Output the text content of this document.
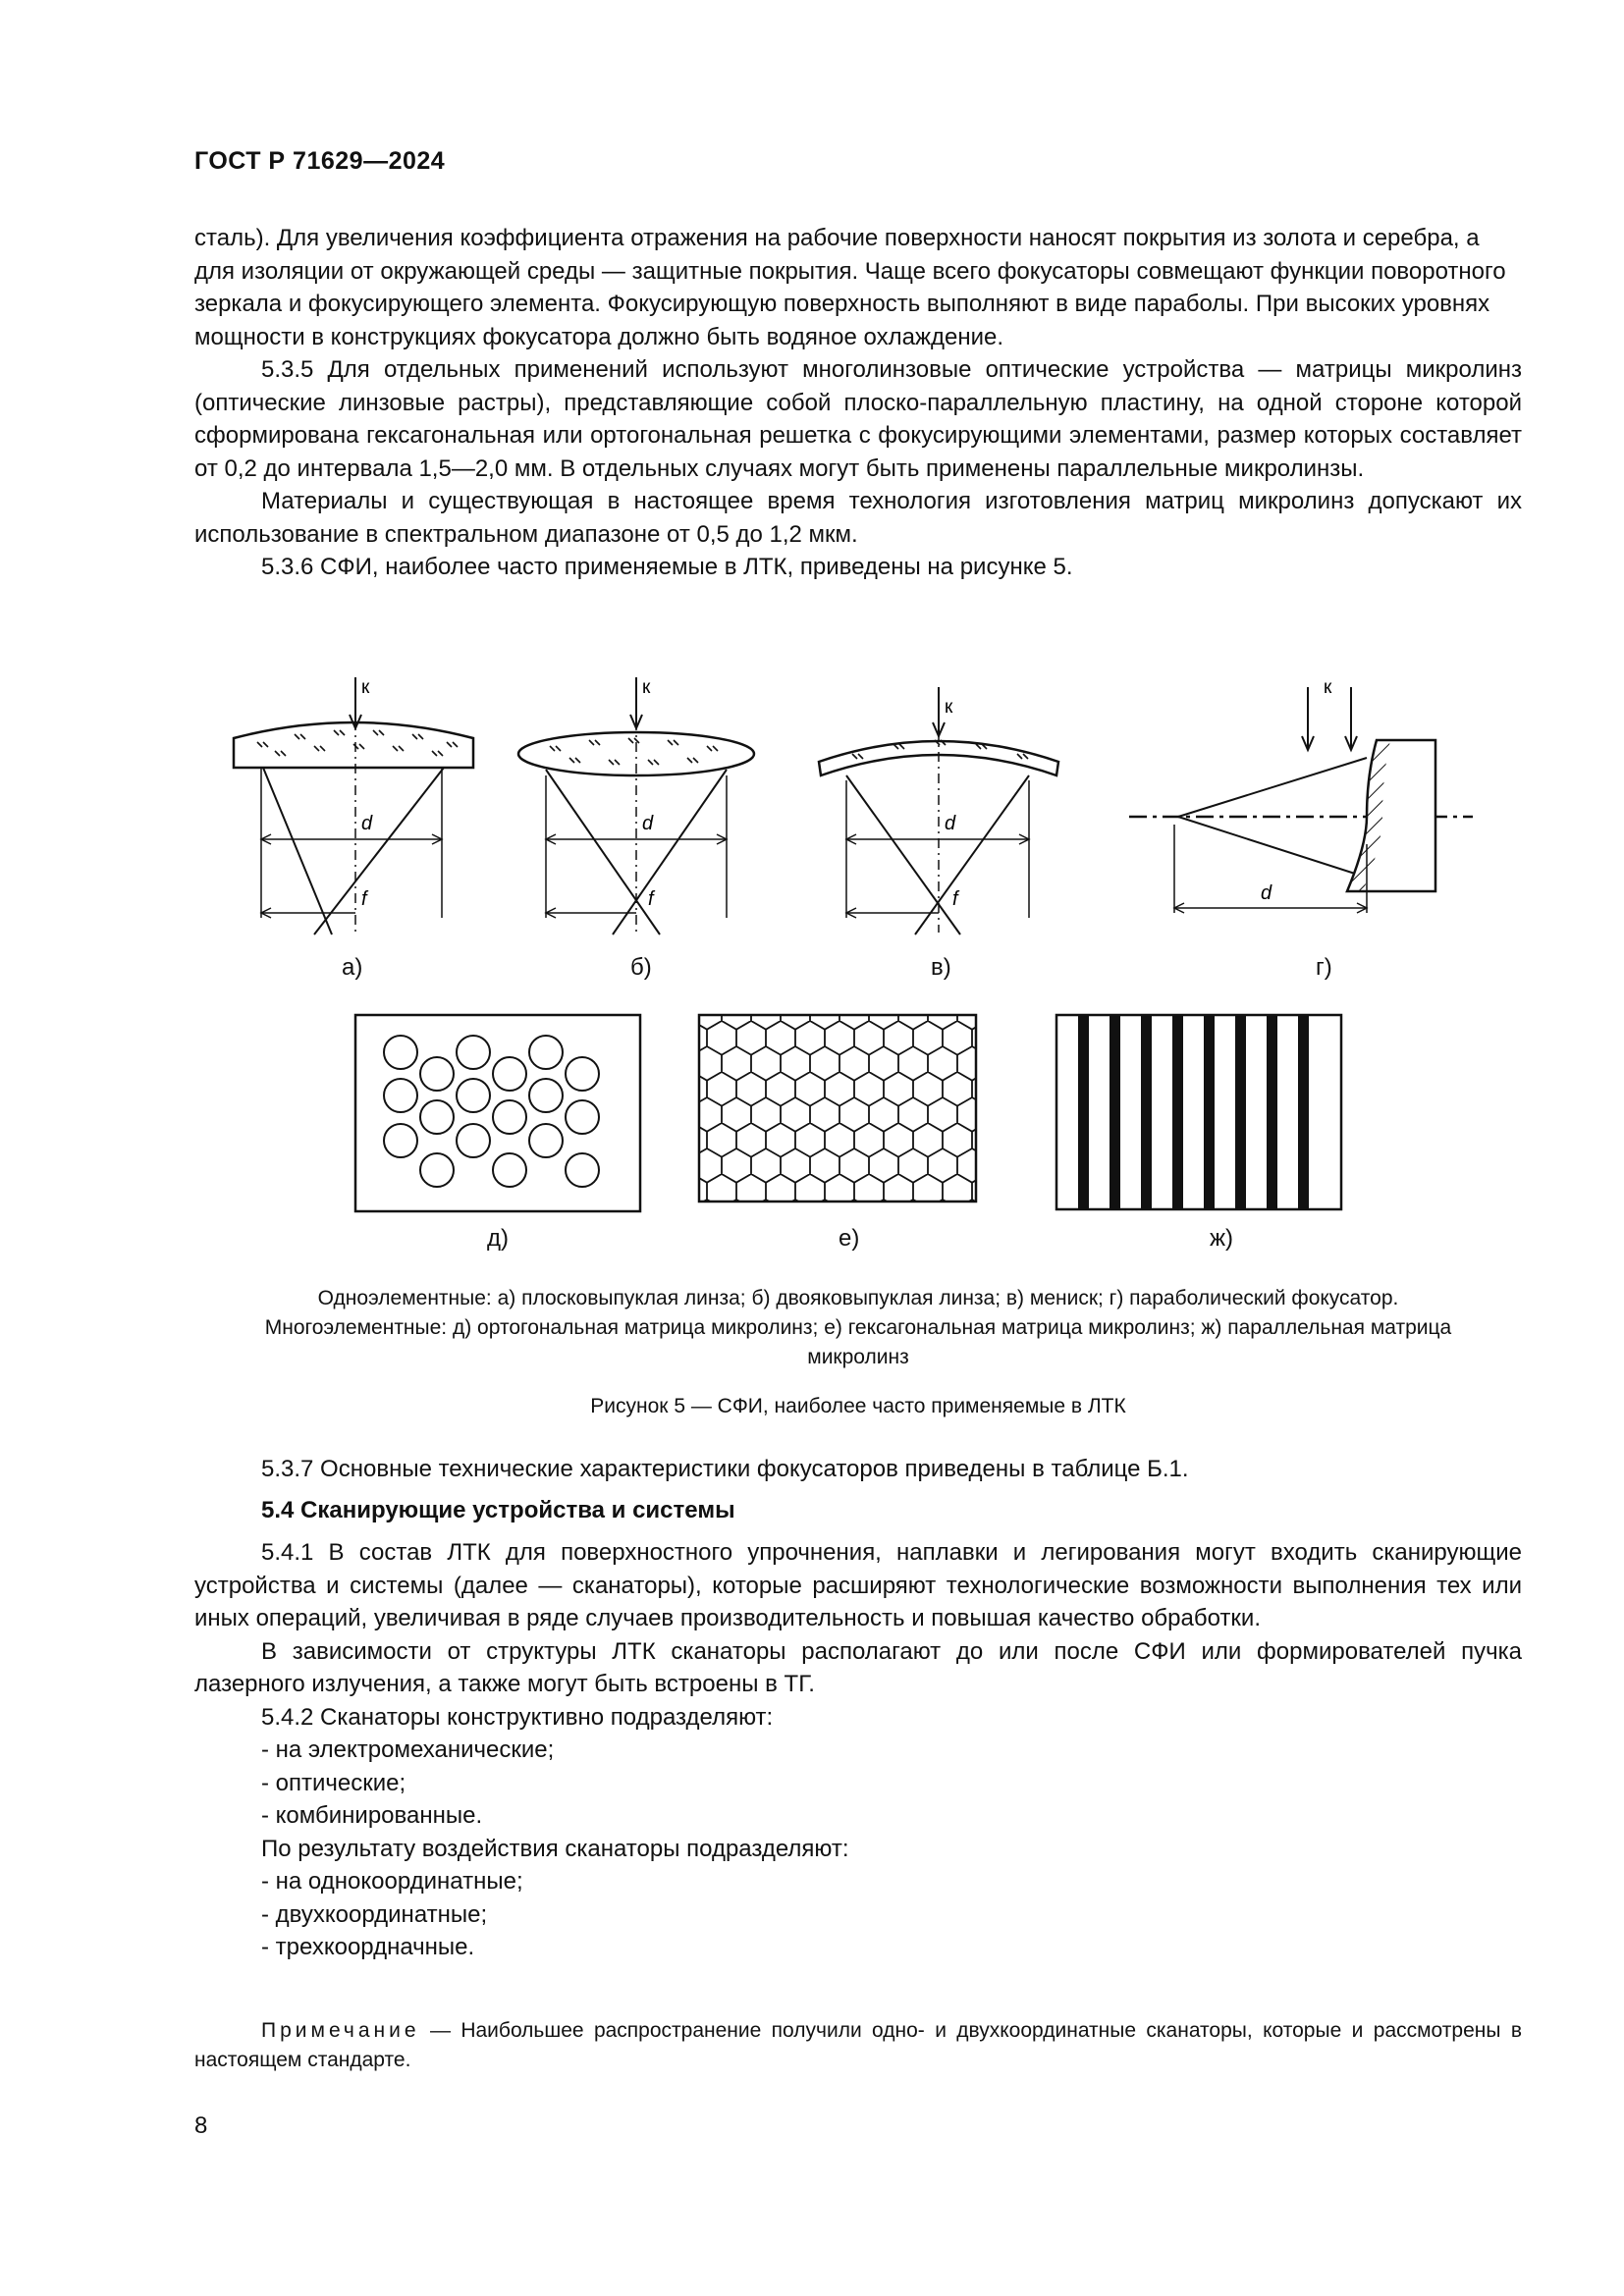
ГОСТ Р 71629—2024

сталь). Для увеличения коэффициента отражения на рабочие поверхности наносят покрытия из золота и серебра, а для изоляции от окружающей среды — защитные покрытия. Чаще всего фокусаторы совмещают функции поворотного зеркала и фокусирующего элемента. Фокусирующую поверхность выполняют в виде параболы. При высоких уровнях мощности в конструкциях фокусатора должно быть водяное охлаждение.

5.3.5 Для отдельных применений используют многолинзовые оптические устройства — матрицы микролинз (оптические линзовые растры), представляющие собой плоско-параллельную пластину, на одной стороне которой сформирована гексагональная или ортогональная решетка с фокусирующими элементами, размер которых составляет от 0,2 до интервала 1,5—2,0 мм. В отдельных случаях могут быть применены параллельные микролинзы.

Материалы и существующая в настоящее время технология изготовления матриц микролинз допускают их использование в спектральном диапазоне от 0,5 до 1,2 мкм.

5.3.6 СФИ, наиболее часто применяемые в ЛТК, приведены на рисунке 5.

к
d
f
к
d
f
к
d
f
к
d
а)	б)	в)	г)
д)	е)	ж)
Одноэлементные: а) плосковыпуклая линза; б) двояковыпуклая линза; в) мениск; г) параболический фокусатор.
Многоэлементные: д) ортогональная матрица микролинз; е) гексагональная матрица микролинз; ж) параллельная матрица микролинз
Рисунок 5 — СФИ, наиболее часто применяемые в ЛТК

5.3.7 Основные технические характеристики фокусаторов приведены в таблице Б.1.

5.4 Сканирующие устройства и системы

5.4.1 В состав ЛТК для поверхностного упрочнения, наплавки и легирования могут входить сканирующие устройства и системы (далее — сканаторы), которые расширяют технологические возможности выполнения тех или иных операций, увеличивая в ряде случаев производительность и повышая качество обработки.

В зависимости от структуры ЛТК сканаторы располагают до или после СФИ или формирователей пучка лазерного излучения, а также могут быть встроены в ТГ.

5.4.2 Сканаторы конструктивно подразделяют:

- на электромеханические;

- оптические;

- комбинированные.

По результату воздействия сканаторы подразделяют:

- на однокоординатные;

- двухкоординатные;

- трехкоордначные.

Примечание — Наибольшее распространение получили одно- и двухкоординатные сканаторы, которые и рассмотрены в настоящем стандарте.

8
